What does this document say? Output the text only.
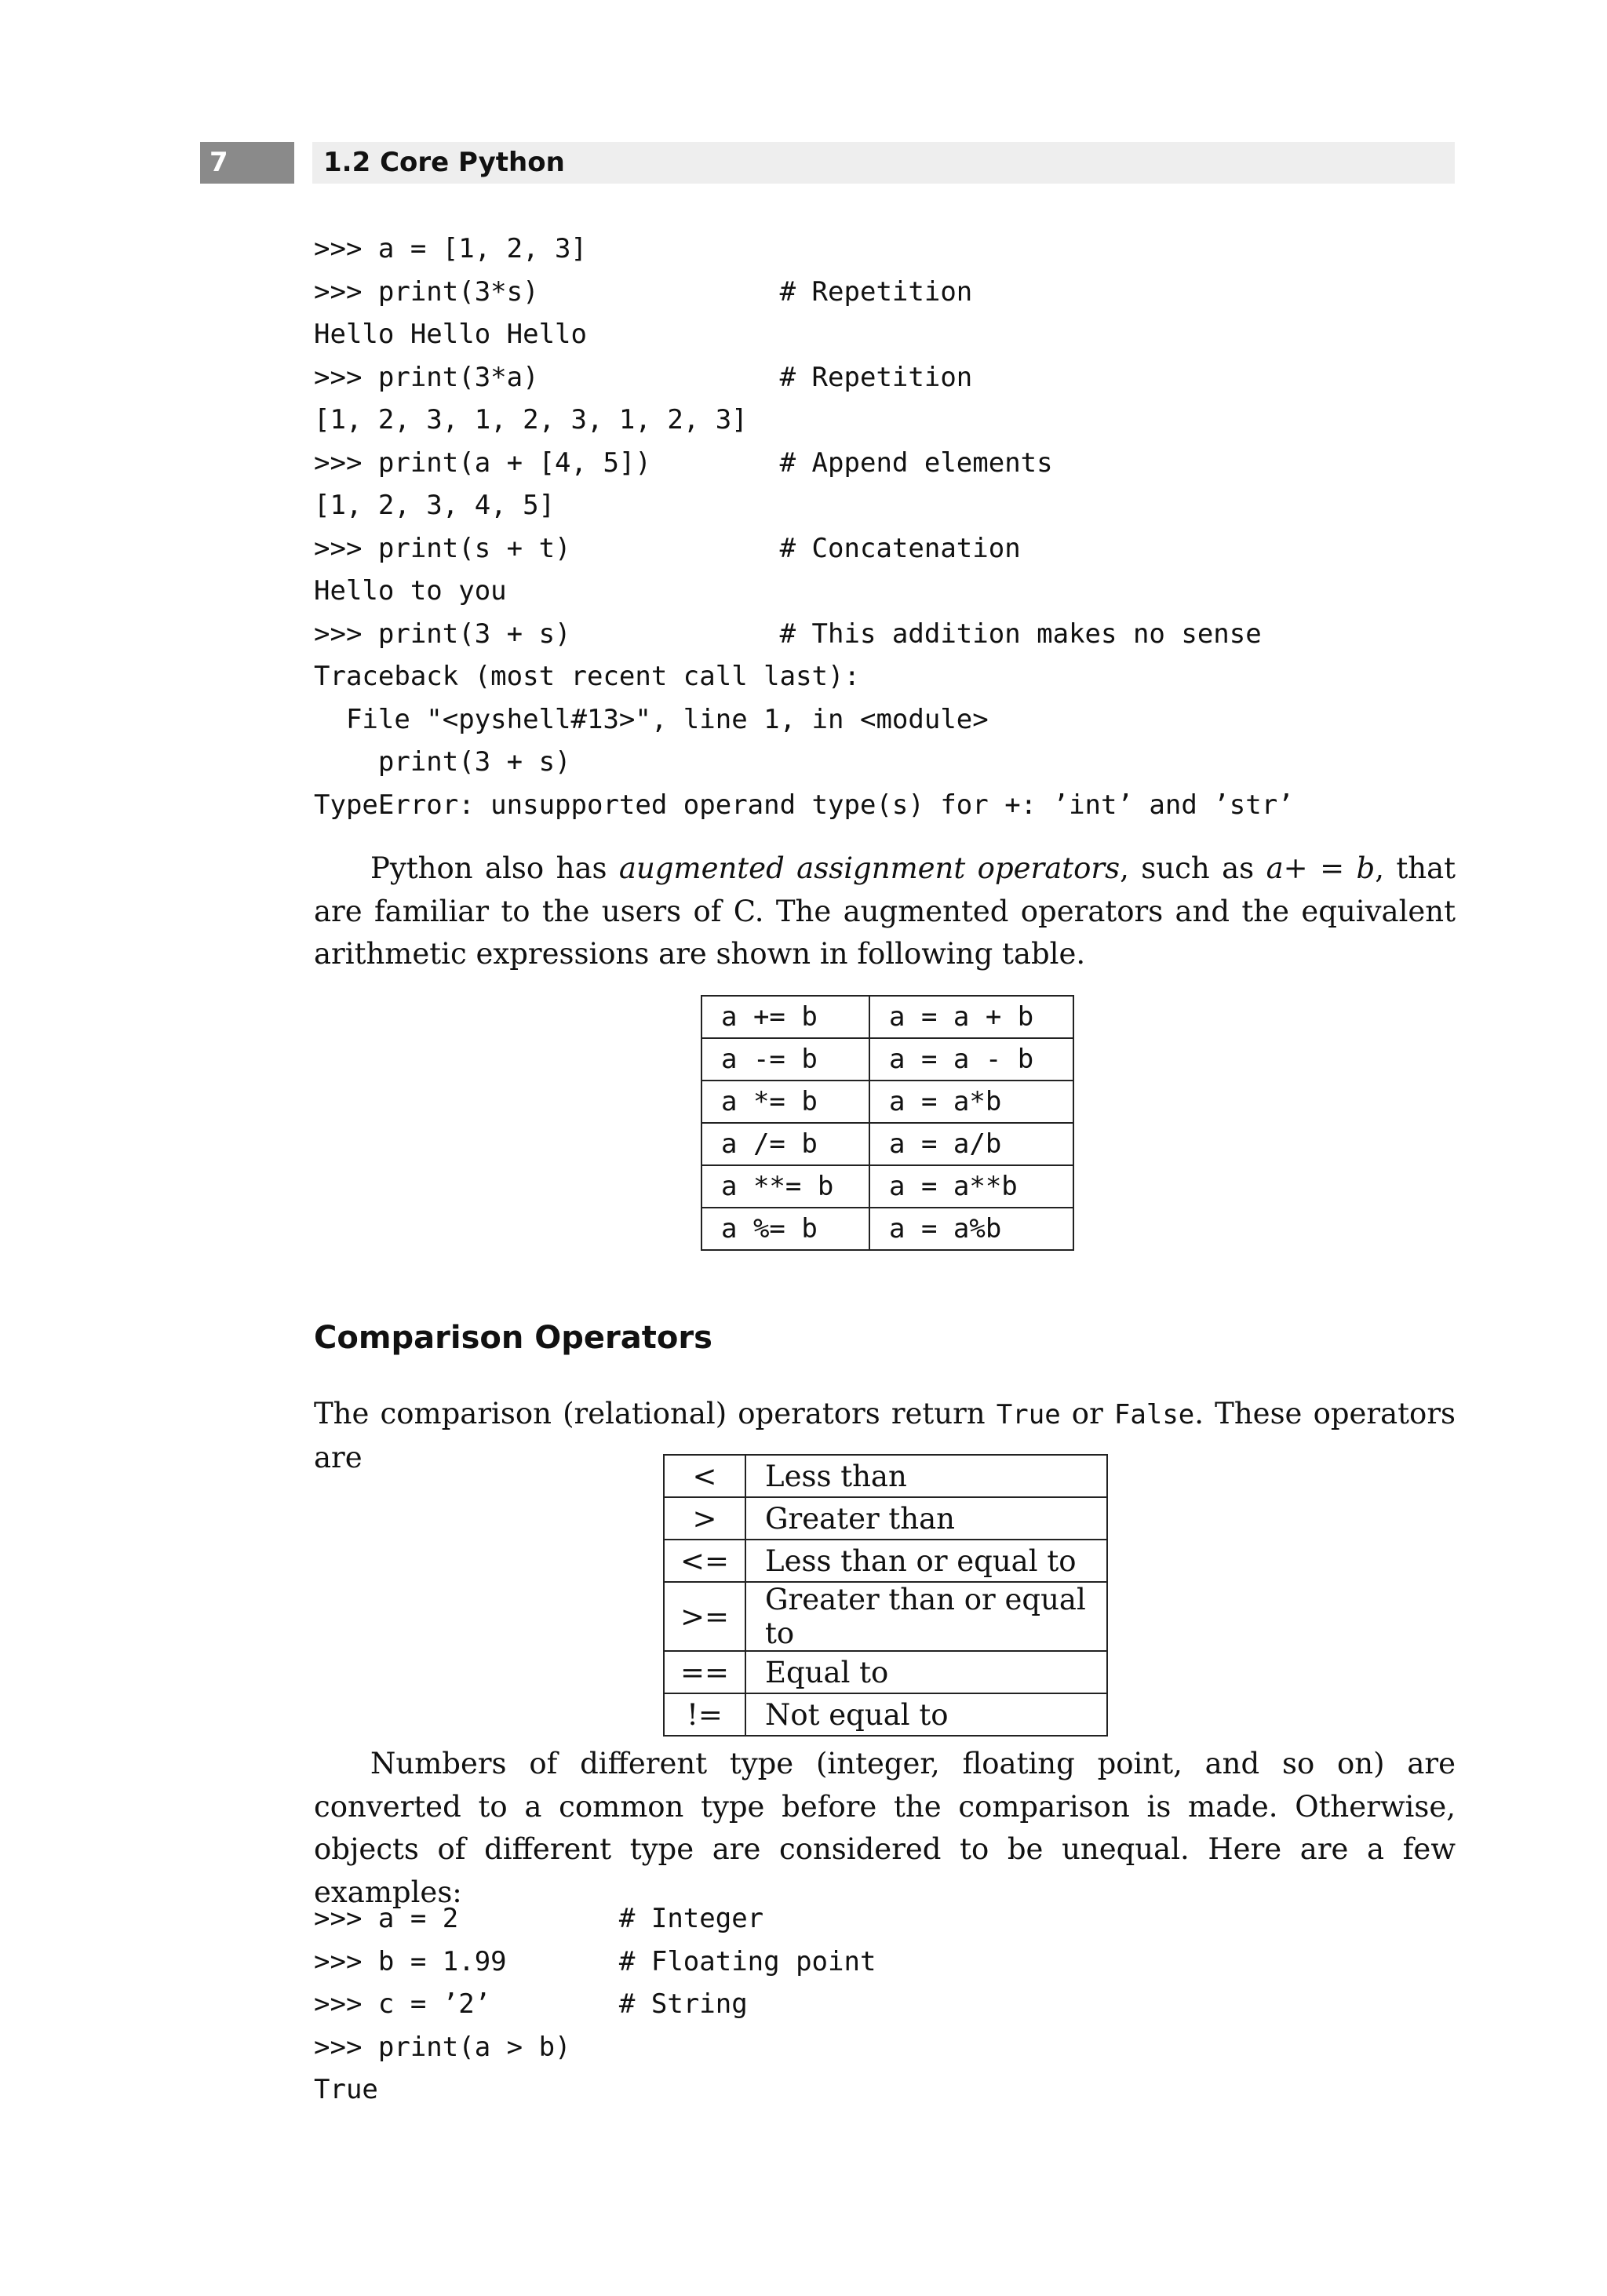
7	1.2 Core Python
>>> a = [1, 2, 3]
>>> print(3*s)               # Repetition
Hello Hello Hello
>>> print(3*a)               # Repetition
[1, 2, 3, 1, 2, 3, 1, 2, 3]
>>> print(a + [4, 5])        # Append elements
[1, 2, 3, 4, 5]
>>> print(s + t)             # Concatenation
Hello to you
>>> print(3 + s)             # This addition makes no sense
Traceback (most recent call last):
File "<pyshell#13>", line 1, in <module>
print(3 + s)
TypeError: unsupported operand type(s) for +: ’int’ and ’str’

Python also has augmented assignment operators, such as a+ = b, that are familiar to the users of C. The augmented operators and the equivalent arithmetic expressions are shown in following table.

a += b	a = a + b
a -= b	a = a - b
a *= b	a = a*b
a /= b	a = a/b
a **= b	a = a**b
a %= b	a = a%b
Comparison Operators

The comparison (relational) operators return True or False. These operators are

<	Less than
>	Greater than
<=	Less than or equal to
>=	Greater than or equal to
==	Equal to
!=	Not equal to

Numbers of different type (integer, floating point, and so on) are converted to a common type before the comparison is made. Otherwise, objects of different type are considered to be unequal. Here are a few examples:

>>> a = 2          # Integer
>>> b = 1.99       # Floating point
>>> c = ’2’        # String
>>> print(a > b)
True
